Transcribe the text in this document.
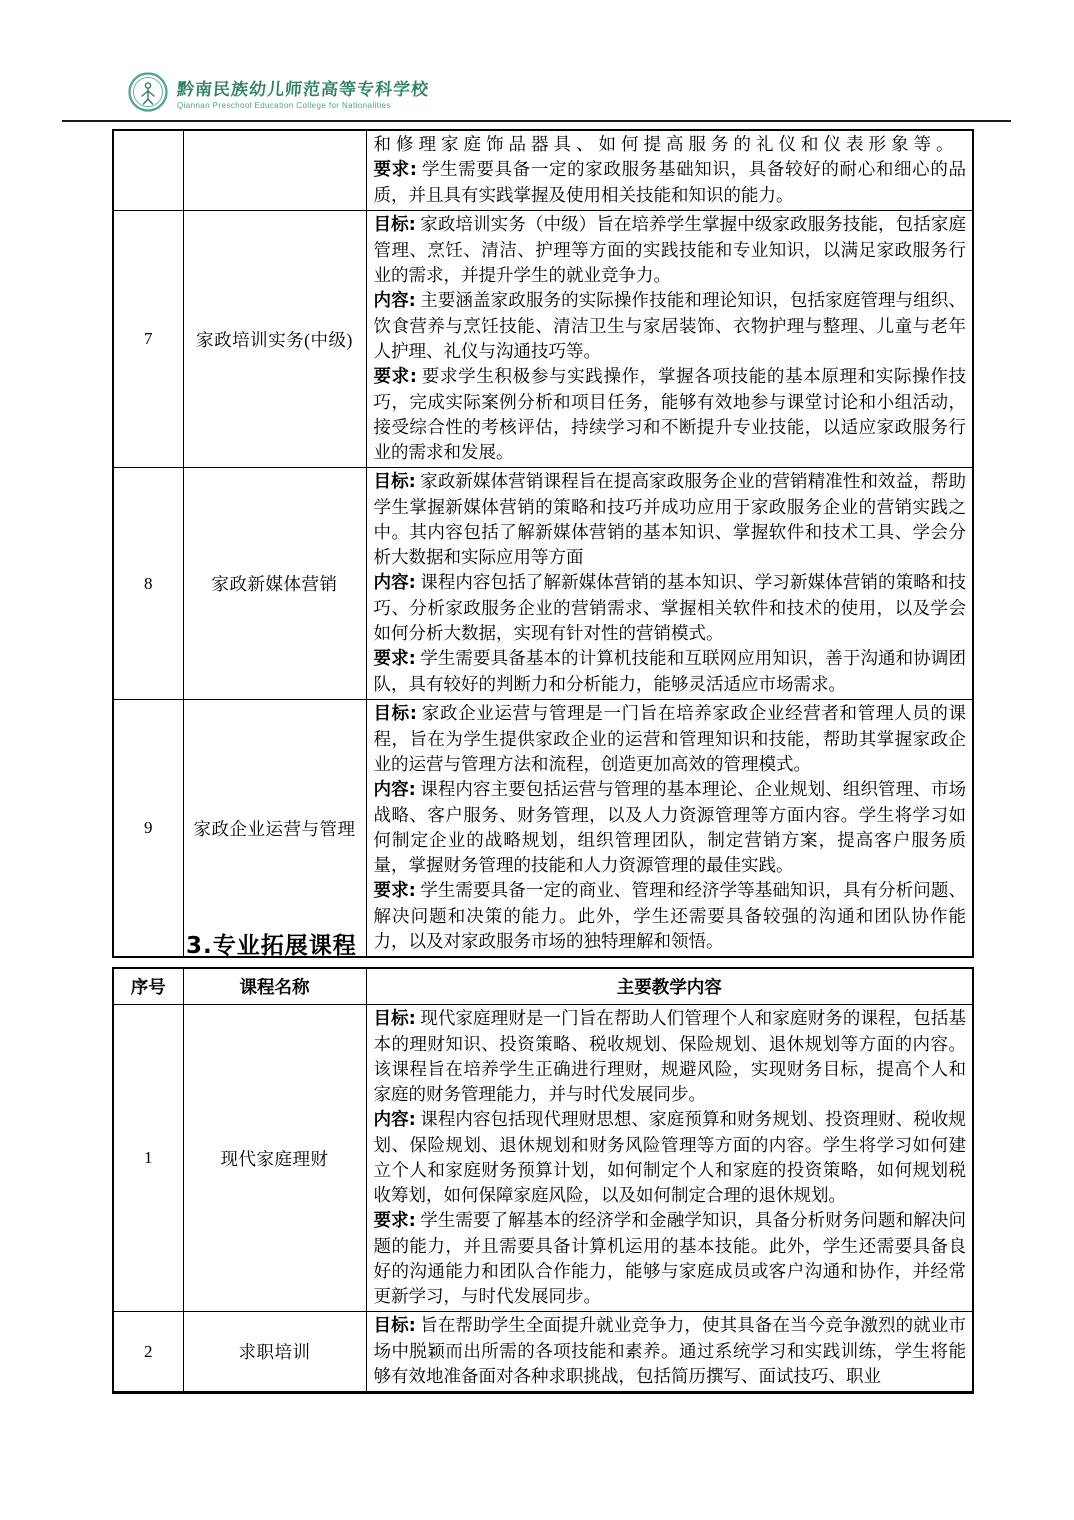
黔南民族幼儿师范高等专科学校
Qiannan Preschool Education College for Nationalities

		和修理家庭饰品器具、如何提高服务的礼仪和仪表形象等。

要求: 学生需要具备一定的家政服务基础知识，具备较好的耐心和细心的品质，并且具有实践掌握及使用相关技能和知识的能力。

7	家政培训实务(中级)	目标: 家政培训实务（中级）旨在培养学生掌握中级家政服务技能，包括家庭管理、烹饪、清洁、护理等方面的实践技能和专业知识，以满足家政服务行业的需求，并提升学生的就业竞争力。

内容: 主要涵盖家政服务的实际操作技能和理论知识，包括家庭管理与组织、饮食营养与烹饪技能、清洁卫生与家居装饰、衣物护理与整理、儿童与老年人护理、礼仪与沟通技巧等。

要求: 要求学生积极参与实践操作，掌握各项技能的基本原理和实际操作技巧，完成实际案例分析和项目任务，能够有效地参与课堂讨论和小组活动，接受综合性的考核评估，持续学习和不断提升专业技能，以适应家政服务行业的需求和发展。

8	家政新媒体营销	目标: 家政新媒体营销课程旨在提高家政服务企业的营销精准性和效益，帮助学生掌握新媒体营销的策略和技巧并成功应用于家政服务企业的营销实践之中。其内容包括了解新媒体营销的基本知识、掌握软件和技术工具、学会分析大数据和实际应用等方面

内容: 课程内容包括了解新媒体营销的基本知识、学习新媒体营销的策略和技巧、分析家政服务企业的营销需求、掌握相关软件和技术的使用，以及学会如何分析大数据，实现有针对性的营销模式。

要求: 学生需要具备基本的计算机技能和互联网应用知识，善于沟通和协调团队，具有较好的判断力和分析能力，能够灵活适应市场需求。

9	家政企业运营与管理	目标: 家政企业运营与管理是一门旨在培养家政企业经营者和管理人员的课程，旨在为学生提供家政企业的运营和管理知识和技能，帮助其掌握家政企业的运营与管理方法和流程，创造更加高效的管理模式。

内容: 课程内容主要包括运营与管理的基本理论、企业规划、组织管理、市场战略、客户服务、财务管理，以及人力资源管理等方面内容。学生将学习如何制定企业的战略规划，组织管理团队，制定营销方案，提高客户服务质量，掌握财务管理的技能和人力资源管理的最佳实践。

要求: 学生需要具备一定的商业、管理和经济学等基础知识，具有分析问题、解决问题和决策的能力。此外，学生还需要具备较强的沟通和团队协作能力，以及对家政服务市场的独特理解和领悟。

3.专业拓展课程
序号	课程名称	主要教学内容
1	现代家庭理财	目标: 现代家庭理财是一门旨在帮助人们管理个人和家庭财务的课程，包括基本的理财知识、投资策略、税收规划、保险规划、退休规划等方面的内容。该课程旨在培养学生正确进行理财，规避风险，实现财务目标，提高个人和家庭的财务管理能力，并与时代发展同步。

内容: 课程内容包括现代理财思想、家庭预算和财务规划、投资理财、税收规划、保险规划、退休规划和财务风险管理等方面的内容。学生将学习如何建立个人和家庭财务预算计划，如何制定个人和家庭的投资策略，如何规划税收筹划，如何保障家庭风险，以及如何制定合理的退休规划。

要求: 学生需要了解基本的经济学和金融学知识，具备分析财务问题和解决问题的能力，并且需要具备计算机运用的基本技能。此外，学生还需要具备良好的沟通能力和团队合作能力，能够与家庭成员或客户沟通和协作，并经常更新学习，与时代发展同步。

2	求职培训	目标: 旨在帮助学生全面提升就业竞争力，使其具备在当今竞争激烈的就业市场中脱颖而出所需的各项技能和素养。通过系统学习和实践训练，学生将能够有效地准备面对各种求职挑战，包括简历撰写、面试技巧、职业
